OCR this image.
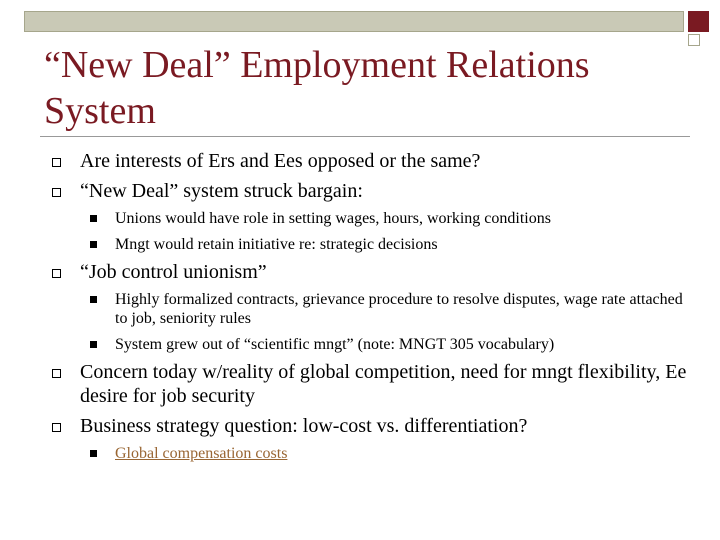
“New Deal” Employment Relations System
Are interests of Ers and Ees opposed or the same?
“New Deal” system struck bargain:
Unions would have role in setting wages, hours, working conditions
Mngt would retain initiative re: strategic decisions
“Job control unionism”
Highly formalized contracts, grievance procedure to resolve disputes, wage rate attached to job, seniority rules
System grew out of “scientific mngt” (note: MNGT 305 vocabulary)
Concern today w/reality of global competition, need for mngt flexibility, Ee desire for job security
Business strategy question: low-cost vs. differentiation?
Global compensation costs
